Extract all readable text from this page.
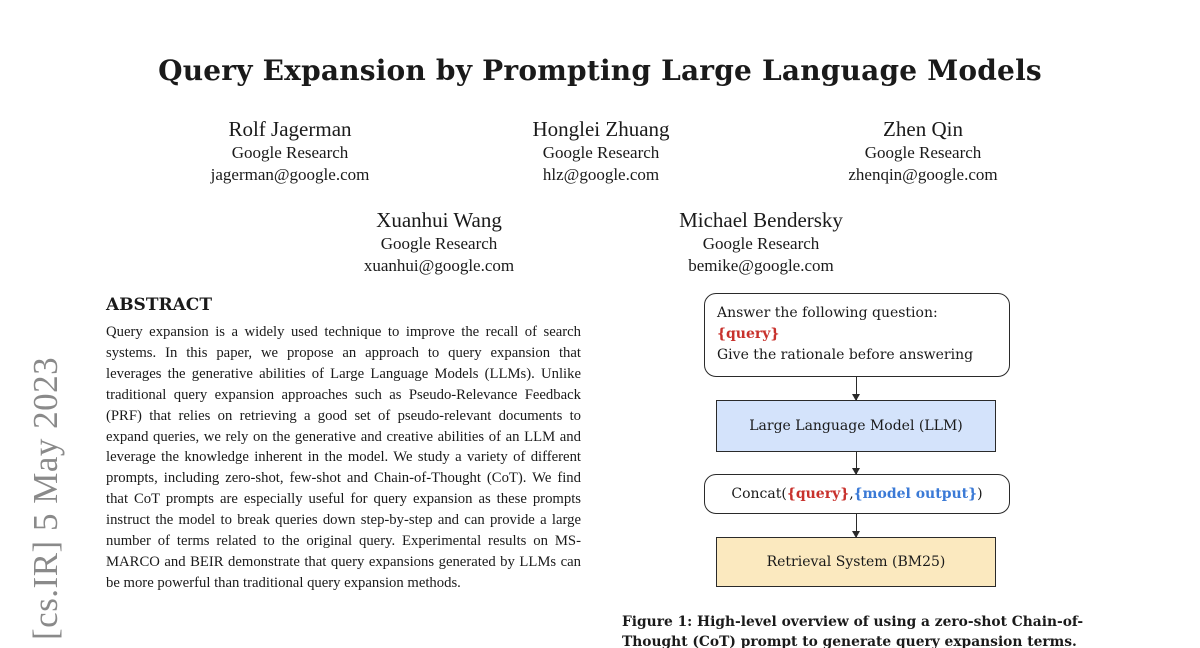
Query Expansion by Prompting Large Language Models
Rolf Jagerman
Google Research
jagerman@google.com
Honglei Zhuang
Google Research
hlz@google.com
Zhen Qin
Google Research
zhenqin@google.com
Xuanhui Wang
Google Research
xuanhui@google.com
Michael Bendersky
Google Research
bemike@google.com
[cs.IR] 5 May 2023
ABSTRACT

Query expansion is a widely used technique to improve the recall of search systems. In this paper, we propose an approach to query expansion that leverages the generative abilities of Large Language Models (LLMs). Unlike traditional query expansion approaches such as Pseudo-Relevance Feedback (PRF) that relies on retrieving a good set of pseudo-relevant documents to expand queries, we rely on the generative and creative abilities of an LLM and leverage the knowledge inherent in the model. We study a variety of different prompts, including zero-shot, few-shot and Chain-of-Thought (CoT). We find that CoT prompts are especially useful for query expansion as these prompts instruct the model to break queries down step-by-step and can provide a large number of terms related to the original query. Experimental results on MS-MARCO and BEIR demonstrate that query expansions generated by LLMs can be more powerful than traditional query expansion methods.

Answer the following question:
{query}
Give the rationale before answering
Large Language Model (LLM)
Concat( {query} , {model output} )
Retrieval System (BM25)

Figure 1: High-level overview of using a zero-shot Chain-of-Thought (CoT) prompt to generate query expansion terms.
